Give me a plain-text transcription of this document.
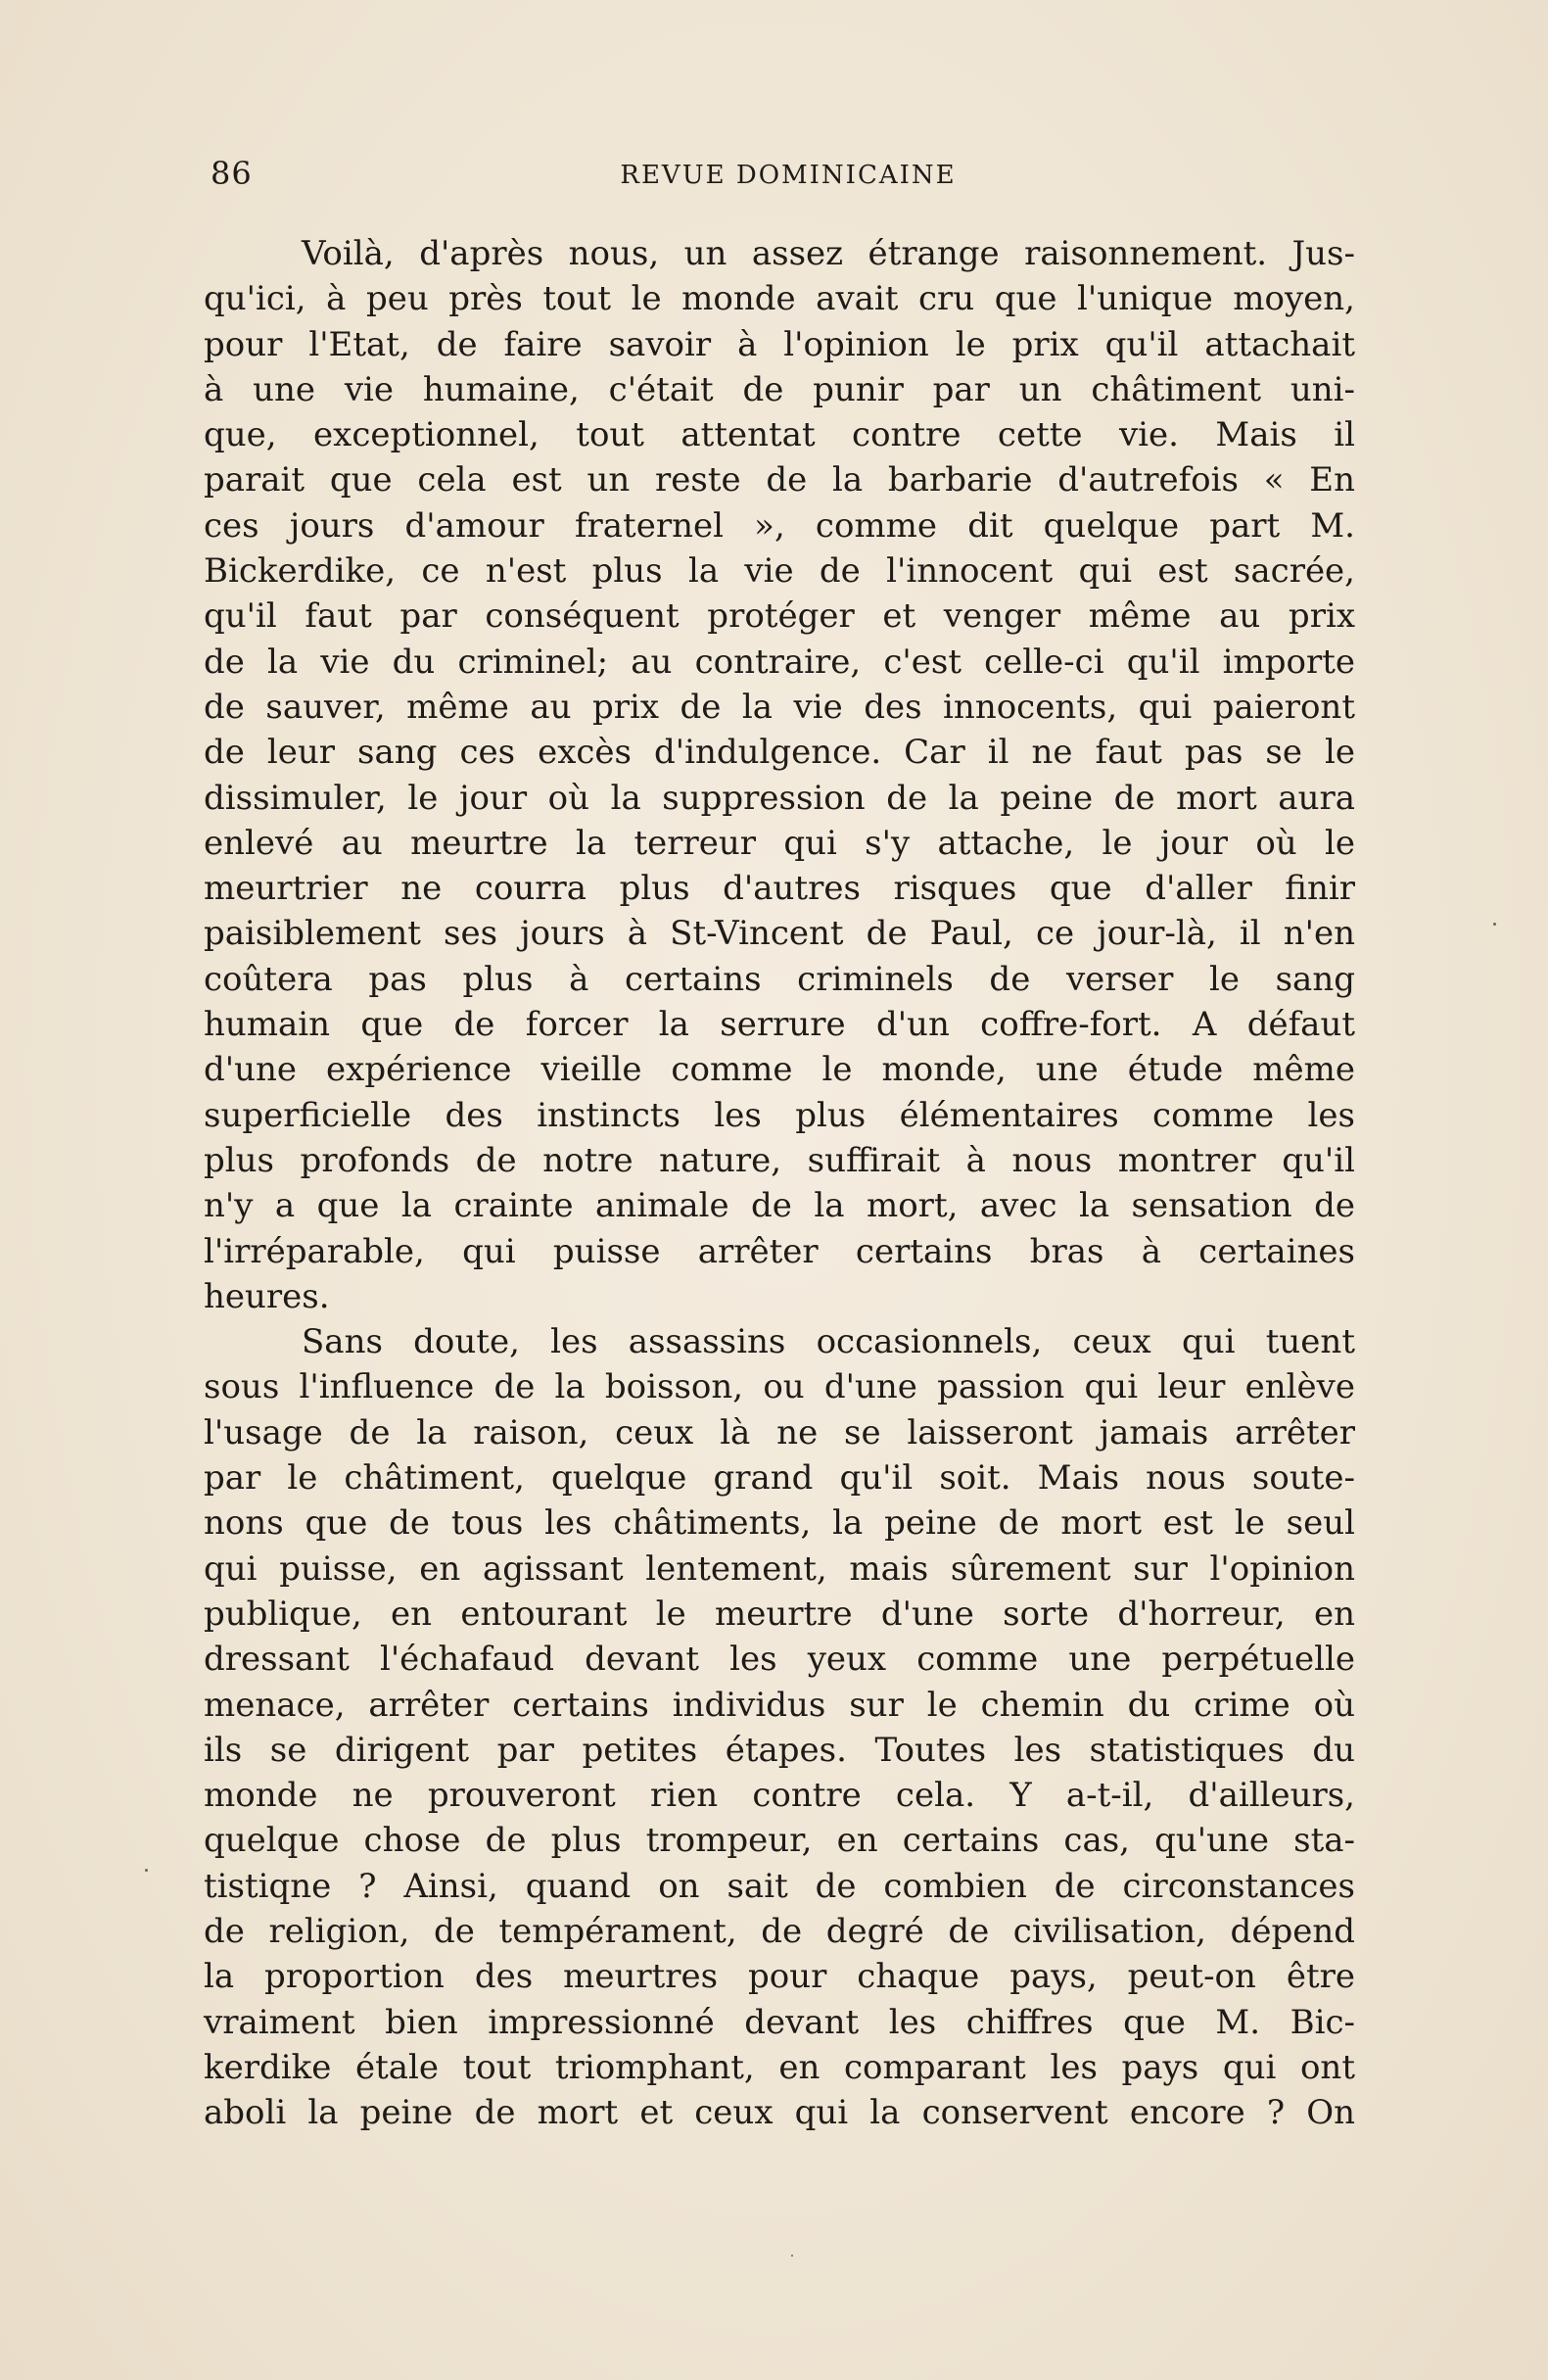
86	REVUE DOMINICAINE
Voilà, d'après nous, un assez étrange raisonnement. Jus-
qu'ici, à peu près tout le monde avait cru que l'unique moyen,
pour l'Etat, de faire savoir à l'opinion le prix qu'il attachait
à une vie humaine, c'était de punir par un châtiment uni-
que, exceptionnel, tout attentat contre cette vie. Mais il
parait que cela est un reste de la barbarie d'autrefois « En
ces jours d'amour fraternel », comme dit quelque part M.
Bickerdike, ce n'est plus la vie de l'innocent qui est sacrée,
qu'il faut par conséquent protéger et venger même au prix
de la vie du criminel; au contraire, c'est celle-ci qu'il importe
de sauver, même au prix de la vie des innocents, qui paieront
de leur sang ces excès d'indulgence. Car il ne faut pas se le
dissimuler, le jour où la suppression de la peine de mort aura
enlevé au meurtre la terreur qui s'y attache, le jour où le
meurtrier ne courra plus d'autres risques que d'aller finir
paisiblement ses jours à St-Vincent de Paul, ce jour-là, il n'en
coûtera pas plus à certains criminels de verser le sang
humain que de forcer la serrure d'un coffre-fort. A défaut
d'une expérience vieille comme le monde, une étude même
superficielle des instincts les plus élémentaires comme les
plus profonds de notre nature, suffirait à nous montrer qu'il
n'y a que la crainte animale de la mort, avec la sensation de
l'irréparable, qui puisse arrêter certains bras à certaines
heures.
Sans doute, les assassins occasionnels, ceux qui tuent
sous l'influence de la boisson, ou d'une passion qui leur enlève
l'usage de la raison, ceux là ne se laisseront jamais arrêter
par le châtiment, quelque grand qu'il soit. Mais nous soute-
nons que de tous les châtiments, la peine de mort est le seul
qui puisse, en agissant lentement, mais sûrement sur l'opinion
publique, en entourant le meurtre d'une sorte d'horreur, en
dressant l'échafaud devant les yeux comme une perpétuelle
menace, arrêter certains individus sur le chemin du crime où
ils se dirigent par petites étapes. Toutes les statistiques du
monde ne prouveront rien contre cela. Y a-t-il, d'ailleurs,
quelque chose de plus trompeur, en certains cas, qu'une sta-
tistiqne ? Ainsi, quand on sait de combien de circonstances
de religion, de tempérament, de degré de civilisation, dépend
la proportion des meurtres pour chaque pays, peut-on être
vraiment bien impressionné devant les chiffres que M. Bic-
kerdike étale tout triomphant, en comparant les pays qui ont
aboli la peine de mort et ceux qui la conservent encore ? On
